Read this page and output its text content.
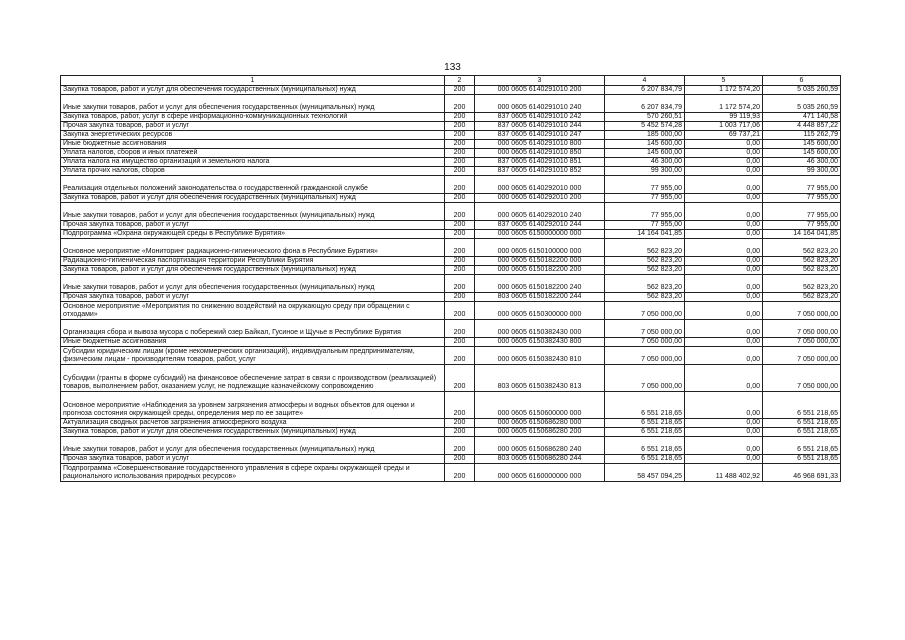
133
1	2	3	4	5	6
Закупка товаров, работ и услуг для обеспечения государственных (муниципальных) нужд	200	000 0605 6140291010 200	6 207 834,79	1 172 574,20	5 035 260,59
Иные закупки товаров, работ и услуг для обеспечения государственных (муниципальных) нужд	200	000 0605 6140291010 240	6 207 834,79	1 172 574,20	5 035 260,59
Закупка товаров, работ, услуг в сфере информационно-коммуникационных технологий	200	837 0605 6140291010 242	570 260,51	99 119,93	471 140,58
Прочая закупка товаров, работ и услуг	200	837 0605 6140291010 244	5 452 574,28	1 003 717,06	4 448 857,22
Закупка энергетических ресурсов	200	837 0605 6140291010 247	185 000,00	69 737,21	115 262,79
Иные бюджетные ассигнования	200	000 0605 6140291010 800	145 600,00	0,00	145 600,00
Уплата налогов, сборов и иных платежей	200	000 0605 6140291010 850	145 600,00	0,00	145 600,00
Уплата налога на имущество организаций и земельного налога	200	837 0605 6140291010 851	46 300,00	0,00	46 300,00
Уплата прочих налогов, сборов	200	837 0605 6140291010 852	99 300,00	0,00	99 300,00
Реализация отдельных положений законодательства о государственной гражданской службе	200	000 0605 6140292010 000	77 955,00	0,00	77 955,00
Закупка товаров, работ и услуг для обеспечения государственных (муниципальных) нужд	200	000 0605 6140292010 200	77 955,00	0,00	77 955,00
Иные закупки товаров, работ и услуг для обеспечения государственных (муниципальных) нужд	200	000 0605 6140292010 240	77 955,00	0,00	77 955,00
Прочая закупка товаров, работ и услуг	200	837 0605 6140292010 244	77 955,00	0,00	77 955,00
Подпрограмма «Охрана окружающей среды в Республике Бурятия»	200	000 0605 6150000000 000	14 164 041,85	0,00	14 164 041,85
Основное мероприятие «Мониторинг радиационно-гигиенического фона в Республике Бурятия»	200	000 0605 6150100000 000	562 823,20	0,00	562 823,20
Радиационно-гигиеническая паспортизация территории Республики Бурятия	200	000 0605 6150182200 000	562 823,20	0,00	562 823,20
Закупка товаров, работ и услуг для обеспечения государственных (муниципальных) нужд	200	000 0605 6150182200 200	562 823,20	0,00	562 823,20
Иные закупки товаров, работ и услуг для обеспечения государственных (муниципальных) нужд	200	000 0605 6150182200 240	562 823,20	0,00	562 823,20
Прочая закупка товаров, работ и услуг	200	803 0605 6150182200 244	562 823,20	0,00	562 823,20
Основное мероприятие «Мероприятия по снижению воздействий на окружающую среду при обращении с отходами»	200	000 0605 6150300000 000	7 050 000,00	0,00	7 050 000,00
Организация сбора и вывоза мусора с побережий озер Байкал, Гусиное и Щучье в Республике Бурятия	200	000 0605 6150382430 000	7 050 000,00	0,00	7 050 000,00
Иные бюджетные ассигнования	200	000 0605 6150382430 800	7 050 000,00	0,00	7 050 000,00
Субсидии юридическим лицам (кроме некоммерческих организаций), индивидуальным предпринимателям, физическим лицам - производителям товаров, работ, услуг	200	000 0605 6150382430 810	7 050 000,00	0,00	7 050 000,00
Субсидии (гранты в форме субсидий) на финансовое обеспечение затрат в связи с производством (реализацией) товаров, выполнением работ, оказанием услуг, не подлежащие казначейскому сопровождению	200	803 0605 6150382430 813	7 050 000,00	0,00	7 050 000,00
Основное мероприятие «Наблюдения за уровнем загрязнения атмосферы и водных объектов для оценки и прогноза состояния окружающей среды, определения мер по ее защите»	200	000 0605 6150600000 000	6 551 218,65	0,00	6 551 218,65
Актуализация сводных расчетов загрязнения атмосферного воздуха	200	000 0605 6150686280 000	6 551 218,65	0,00	6 551 218,65
Закупка товаров, работ и услуг для обеспечения государственных (муниципальных) нужд	200	000 0605 6150686280 200	6 551 218,65	0,00	6 551 218,65
Иные закупки товаров, работ и услуг для обеспечения государственных (муниципальных) нужд	200	000 0605 6150686280 240	6 551 218,65	0,00	6 551 218,65
Прочая закупка товаров, работ и услуг	200	803 0605 6150686280 244	6 551 218,65	0,00	6 551 218,65
Подпрограмма «Совершенствование государственного управления в сфере охраны окружающей среды и рационального использования природных ресурсов»	200	000 0605 6160000000 000	58 457 094,25	11 488 402,92	46 968 691,33
